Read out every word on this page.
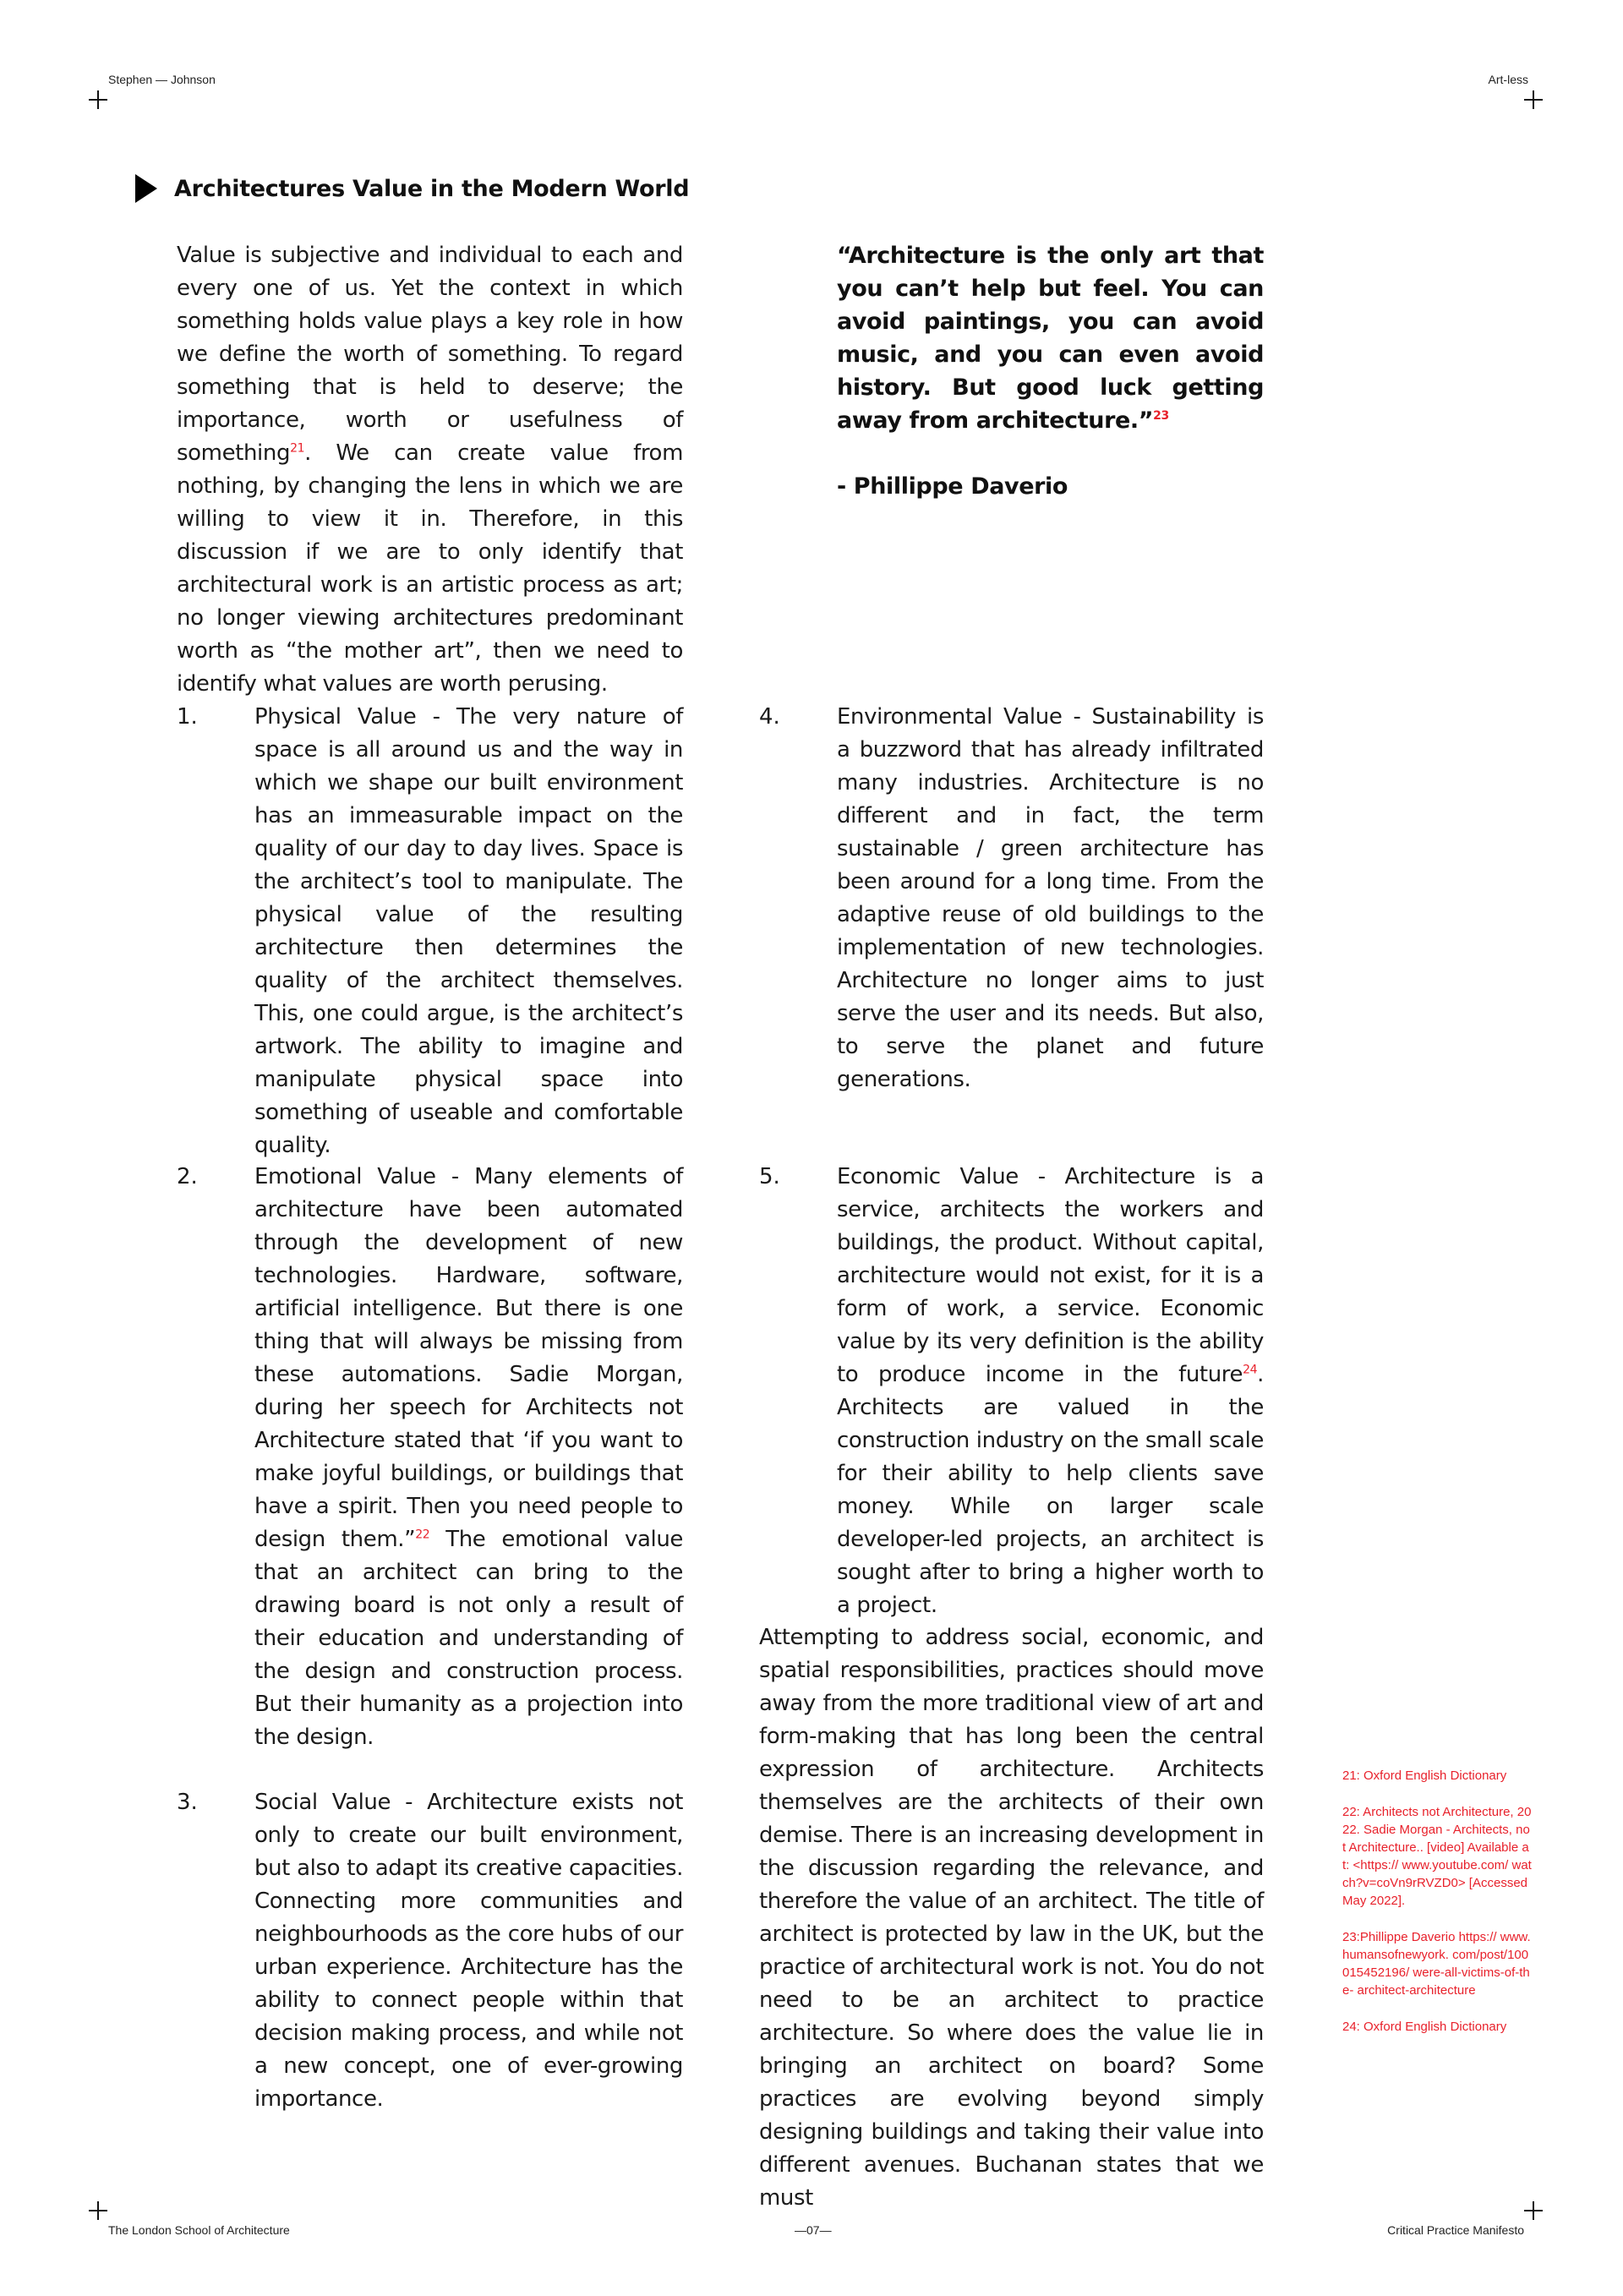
Stephen — Johnson	Art-less
Architectures Value in the Modern World
Value is subjective and individual to each and every one of us. Yet the context in which something holds value plays a key role in how we define the worth of something. To regard something that is held to deserve; the importance, worth or usefulness of something$^{21}$. We can create value from nothing, by changing the lens in which we are willing to view it in. Therefore, in this discussion if we are to only identify that architectural work is an artistic process as art; no longer viewing architectures predominant worth as “the mother art”, then we need to identify what values are worth perusing.
“Architecture is the only art that you can’t help but feel. You can avoid paintings, you can avoid music, and you can even avoid history. But good luck getting away from architecture.”$^{23}$
- Phillippe Daverio
1.	Physical Value - The very nature of space is all around us and the way in which we shape our built environment has an immeasurable impact on the quality of our day to day lives. Space is the architect’s tool to manipulate. The physical value of the resulting architecture then determines the quality of the architect themselves. This, one could argue, is the architect’s artwork. The ability to imagine and manipulate physical space into something of useable and comfortable quality.
2.	Emotional Value - Many elements of architecture have been automated through the development of new technologies. Hardware, software, artificial intelligence. But there is one thing that will always be missing from these automations. Sadie Morgan, during her speech for Architects not Architecture stated that ‘if you want to make joyful buildings, or buildings that have a spirit. Then you need people to design them.”$^{22}$ The emotional value that an architect can bring to the drawing board is not only a result of their education and understanding of the design and construction process. But their humanity as a projection into the design.
3.	Social Value - Architecture exists not only to create our built environment, but also to adapt its creative capacities. Connecting more communities and neighbourhoods as the core hubs of our urban experience. Architecture has the ability to connect people within that decision making process, and while not a new concept, one of ever-growing importance.
4.	Environmental Value - Sustainability is a buzzword that has already infiltrated many industries. Architecture is no different and in fact, the term sustainable / green architecture has been around for a long time. From the adaptive reuse of old buildings to the implementation of new technologies. Architecture no longer aims to just serve the user and its needs. But also, to serve the planet and future generations.
5.	Economic Value - Architecture is a service, architects the workers and buildings, the product. Without capital, architecture would not exist, for it is a form of work, a service. Economic value by its very definition is the ability to produce income in the future$^{24}$. Architects are valued in the construction industry on the small scale for their ability to help clients save money. While on larger scale developer-led projects, an architect is sought after to bring a higher worth to a project.
Attempting to address social, economic, and spatial responsibilities, practices should move away from the more traditional view of art and form-making that has long been the central expression of architecture. Architects themselves are the architects of their own demise. There is an increasing development in the discussion regarding the relevance, and therefore the value of an architect. The title of architect is protected by law in the UK, but the practice of architectural work is not. You do not need to be an architect to practice architecture. So where does the value lie in bringing an architect on board? Some practices are evolving beyond simply designing buildings and taking their value into different avenues. Buchanan states that we must

21: Oxford English Dictionary

22: Architects not Architecture, 2022. Sadie Morgan - Architects, not Architecture.. [video] Available at: <https:// www.youtube.com/ watch?v=coVn9rRVZD0> [Accessed May 2022].

23:Phillippe Daverio https:// www.humansofnewyork. com/post/100015452196/ were-all-victims-of-the- architect-architecture

24: Oxford English Dictionary

The London School of Architecture	—07—	Critical Practice Manifesto
